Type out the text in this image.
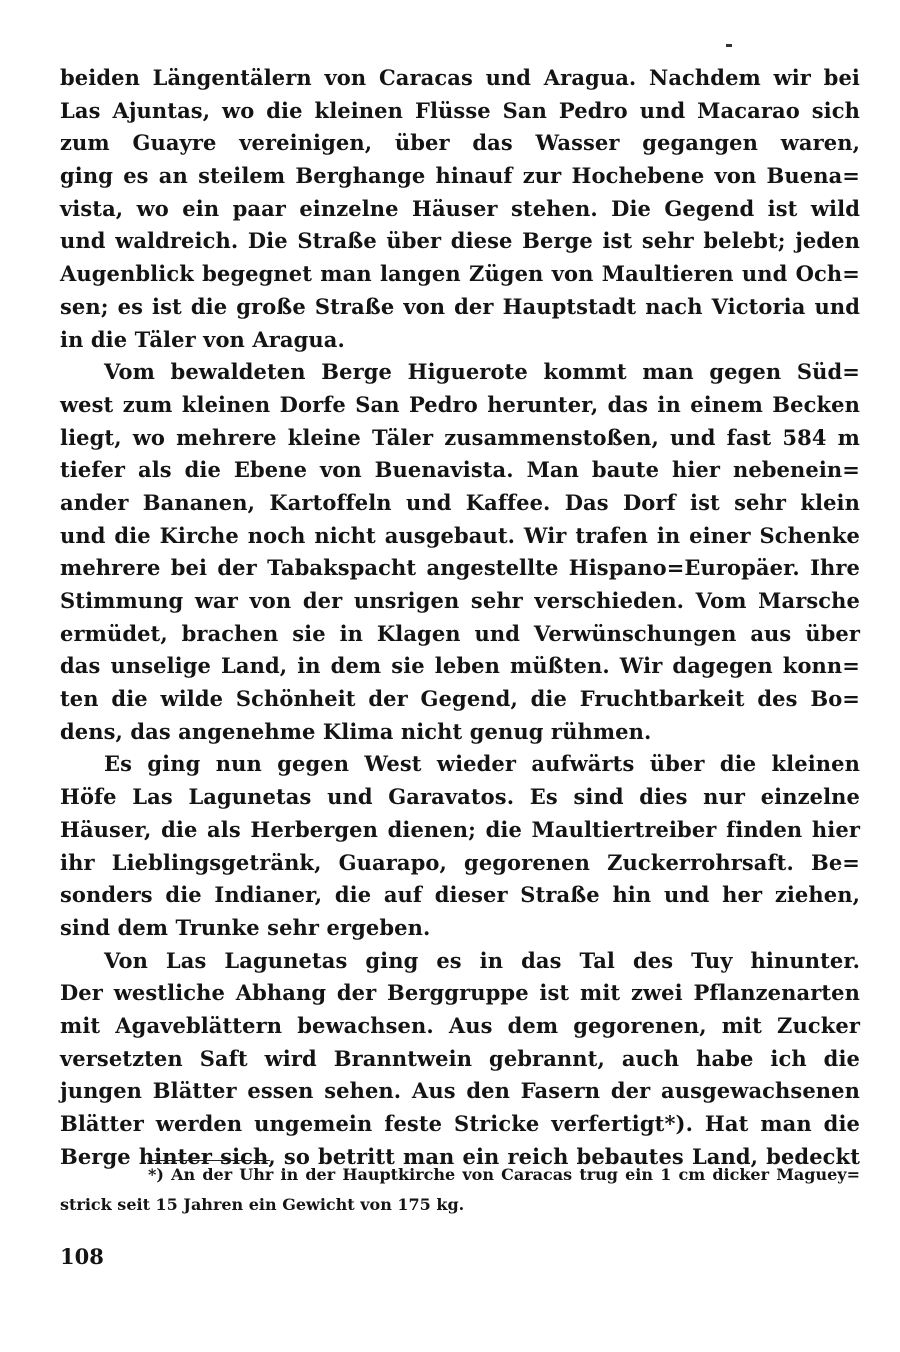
beiden Längentälern von Caracas und Aragua. Nachdem wir bei
Las Ajuntas, wo die kleinen Flüsse San Pedro und Macarao sich
zum Guayre vereinigen, über das Wasser gegangen waren,
ging es an steilem Berghange hinauf zur Hochebene von Buena=
vista, wo ein paar einzelne Häuser stehen. Die Gegend ist wild
und waldreich. Die Straße über diese Berge ist sehr belebt; jeden
Augenblick begegnet man langen Zügen von Maultieren und Och=
sen; es ist die große Straße von der Hauptstadt nach Victoria und
in die Täler von Aragua.
Vom bewaldeten Berge Higuerote kommt man gegen Süd=
west zum kleinen Dorfe San Pedro herunter, das in einem Becken
liegt, wo mehrere kleine Täler zusammenstoßen, und fast 584 m
tiefer als die Ebene von Buenavista. Man baute hier nebenein=
ander Bananen, Kartoffeln und Kaffee. Das Dorf ist sehr klein
und die Kirche noch nicht ausgebaut. Wir trafen in einer Schenke
mehrere bei der Tabakspacht angestellte Hispano=Europäer. Ihre
Stimmung war von der unsrigen sehr verschieden. Vom Marsche
ermüdet, brachen sie in Klagen und Verwünschungen aus über
das unselige Land, in dem sie leben müßten. Wir dagegen konn=
ten die wilde Schönheit der Gegend, die Fruchtbarkeit des Bo=
dens, das angenehme Klima nicht genug rühmen.
Es ging nun gegen West wieder aufwärts über die kleinen
Höfe Las Lagunetas und Garavatos. Es sind dies nur einzelne
Häuser, die als Herbergen dienen; die Maultiertreiber finden hier
ihr Lieblingsgetränk, Guarapo, gegorenen Zuckerrohrsaft. Be=
sonders die Indianer, die auf dieser Straße hin und her ziehen,
sind dem Trunke sehr ergeben.
Von Las Lagunetas ging es in das Tal des Tuy hinunter.
Der westliche Abhang der Berggruppe ist mit zwei Pflanzenarten
mit Agaveblättern bewachsen. Aus dem gegorenen, mit Zucker
versetzten Saft wird Branntwein gebrannt, auch habe ich die
jungen Blätter essen sehen. Aus den Fasern der ausgewachsenen
Blätter werden ungemein feste Stricke verfertigt*). Hat man die
Berge hinter sich, so betritt man ein reich bebautes Land, bedeckt
*) An der Uhr in der Hauptkirche von Caracas trug ein 1 cm dicker Maguey=
strick seit 15 Jahren ein Gewicht von 175 kg.
108
